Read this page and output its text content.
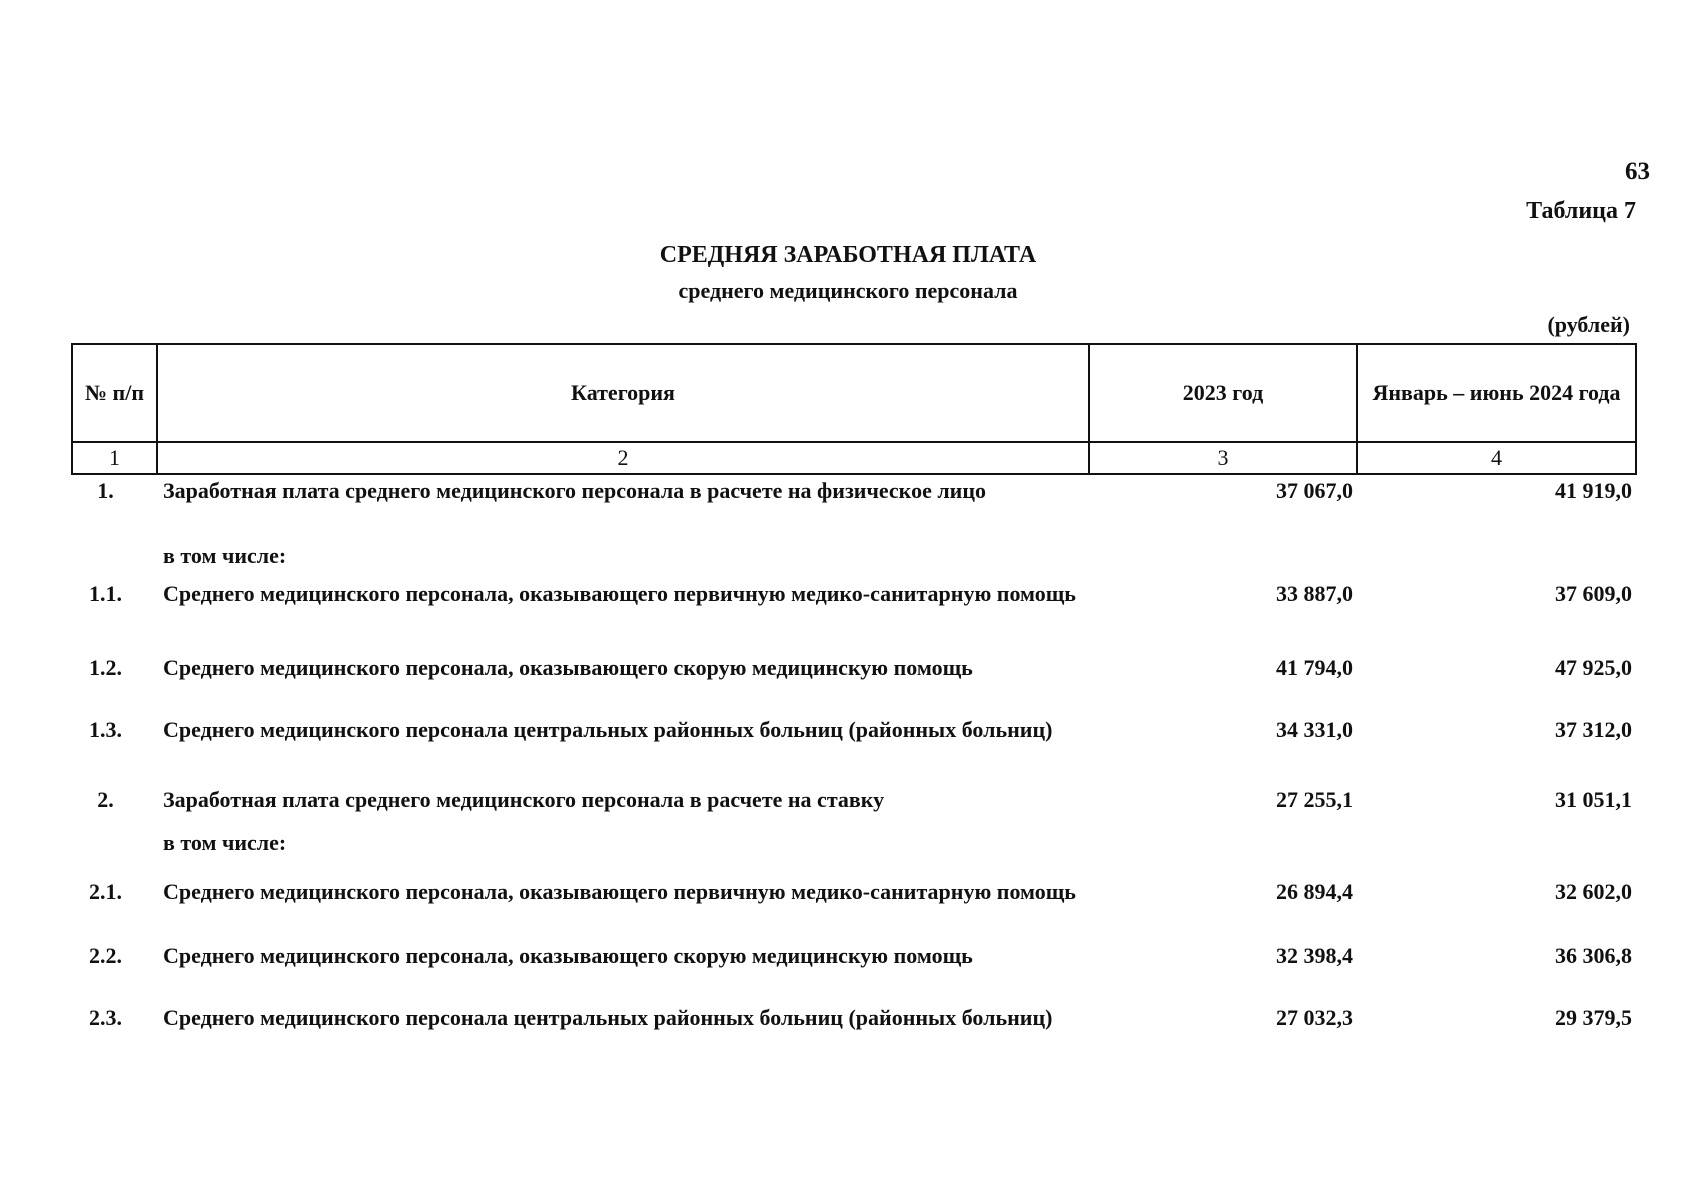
63
Таблица 7
СРЕДНЯЯ ЗАРАБОТНАЯ ПЛАТА
среднего медицинского персонала
(рублей)
№ п/п	Категория	2023 год	Январь – июнь 2024 года
1	2	3	4
1.	Заработная плата среднего медицинского персонала в расчете на физическое лицо	37 067,0	41 919,0
	в том числе:		
1.1.	Среднего медицинского персонала, оказывающего первичную медико-санитарную помощь	33 887,0	37 609,0
1.2.	Среднего медицинского персонала, оказывающего скорую медицинскую помощь	41 794,0	47 925,0
1.3.	Среднего медицинского персонала центральных районных больниц (районных больниц)	34 331,0	37 312,0
2.	Заработная плата среднего медицинского персонала в расчете на ставку	27 255,1	31 051,1
	в том числе:		
2.1.	Среднего медицинского персонала, оказывающего первичную медико-санитарную помощь	26 894,4	32 602,0
2.2.	Среднего медицинского персонала, оказывающего скорую медицинскую помощь	32 398,4	36 306,8
2.3.	Среднего медицинского персонала центральных районных больниц (районных больниц)	27 032,3	29 379,5
